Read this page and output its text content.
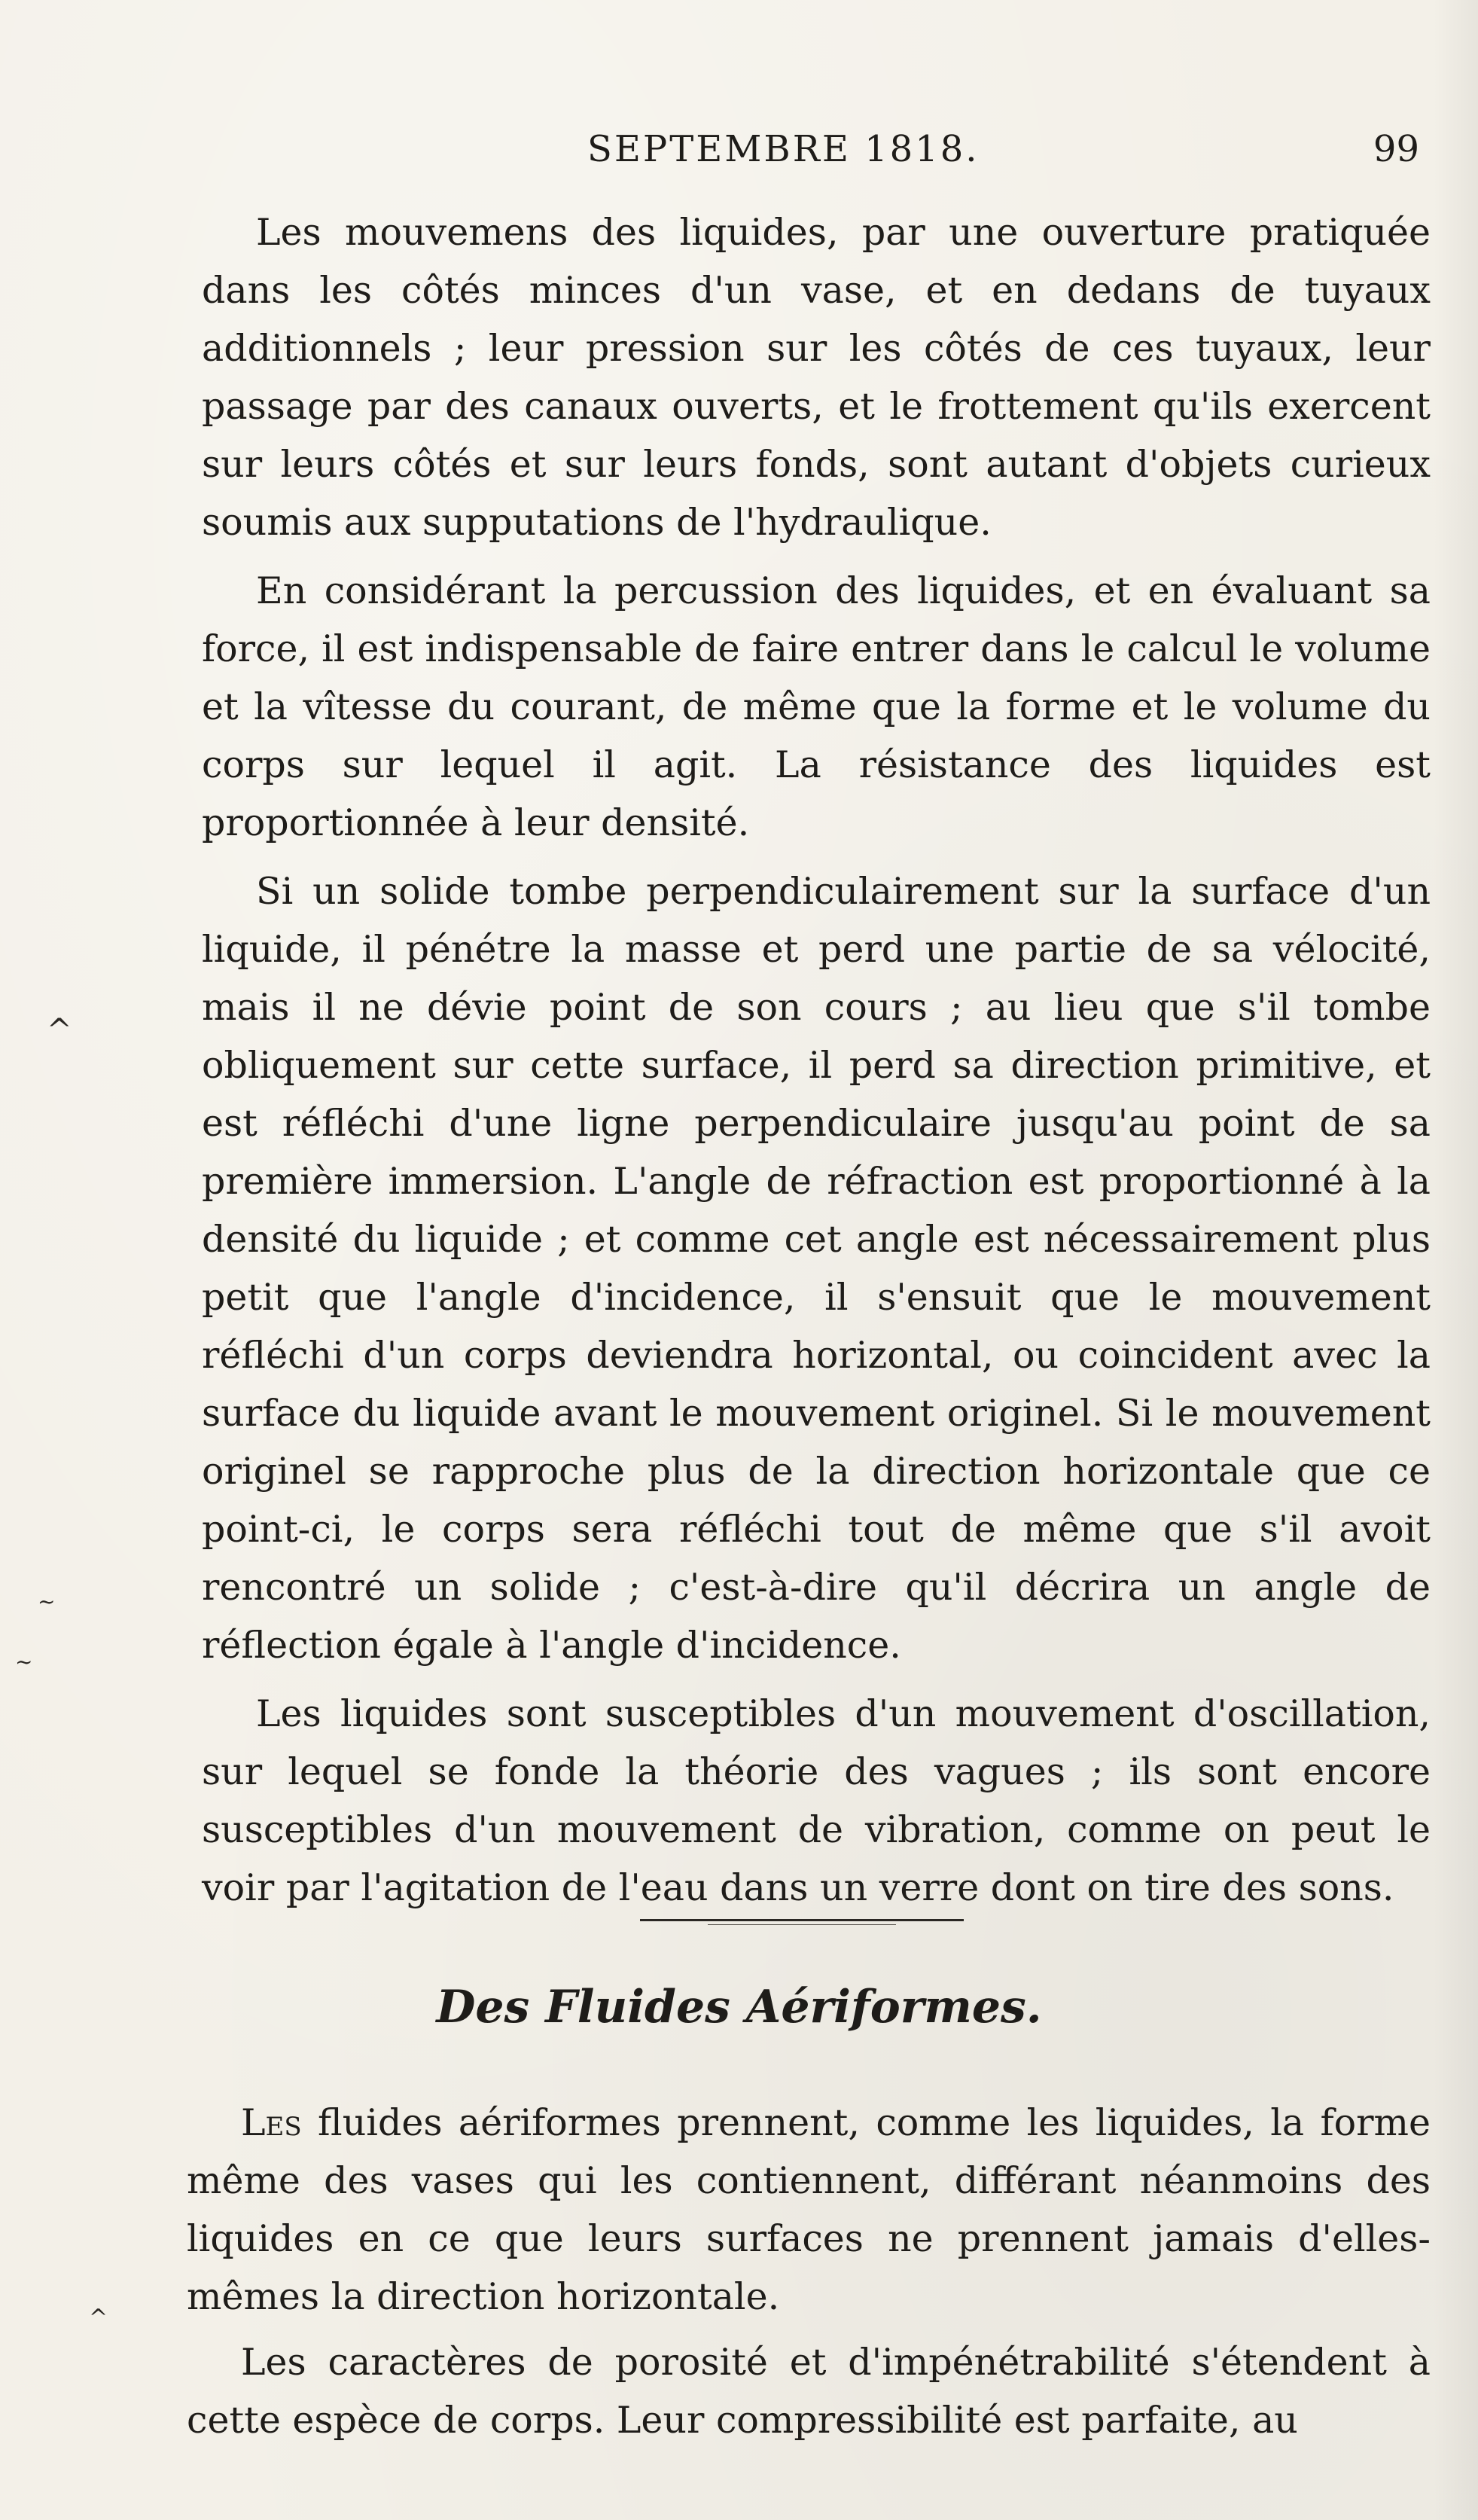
SEPTEMBRE 1818.	99

Les mouvemens des liquides, par une ouverture pratiquée dans les côtés minces d'un vase, et en dedans de tuyaux additionnels ; leur pression sur les côtés de ces tuyaux, leur passage par des canaux ouverts, et le frottement qu'ils exercent sur leurs côtés et sur leurs fonds, sont autant d'objets curieux soumis aux supputations de l'hydraulique.

En considérant la percussion des liquides, et en évaluant sa force, il est indispensable de faire entrer dans le calcul le volume et la vîtesse du courant, de même que la forme et le volume du corps sur lequel il agit. La résistance des liquides est proportionnée à leur densité.

Si un solide tombe perpendiculairement sur la surface d'un liquide, il pénétre la masse et perd une partie de sa vélocité, mais il ne dévie point de son cours ; au lieu que s'il tombe obliquement sur cette surface, il perd sa direction primitive, et est réfléchi d'une ligne perpendiculaire jusqu'au point de sa première immersion. L'angle de réfraction est proportionné à la densité du liquide ; et comme cet angle est nécessairement plus petit que l'angle d'incidence, il s'ensuit que le mouvement réfléchi d'un corps deviendra horizontal, ou coincident avec la surface du liquide avant le mouvement originel. Si le mouvement originel se rapproche plus de la direction horizontale que ce point-ci, le corps sera réfléchi tout de même que s'il avoit rencontré un solide ; c'est-à-dire qu'il décrira un angle de réflection égale à l'angle d'incidence.

Les liquides sont susceptibles d'un mouvement d'oscillation, sur lequel se fonde la théorie des vagues ; ils sont encore susceptibles d'un mouvement de vibration, comme on peut le voir par l'agitation de l'eau dans un verre dont on tire des sons.

Des Fluides Aériformes.

Les fluides aériformes prennent, comme les liquides, la forme même des vases qui les contiennent, différant néanmoins des liquides en ce que leurs surfaces ne prennent jamais d'elles-mêmes la direction horizontale.

Les caractères de porosité et d'impénétrabilité s'étendent à cette espèce de corps. Leur compressibilité est parfaite, au

^
~
~
^
